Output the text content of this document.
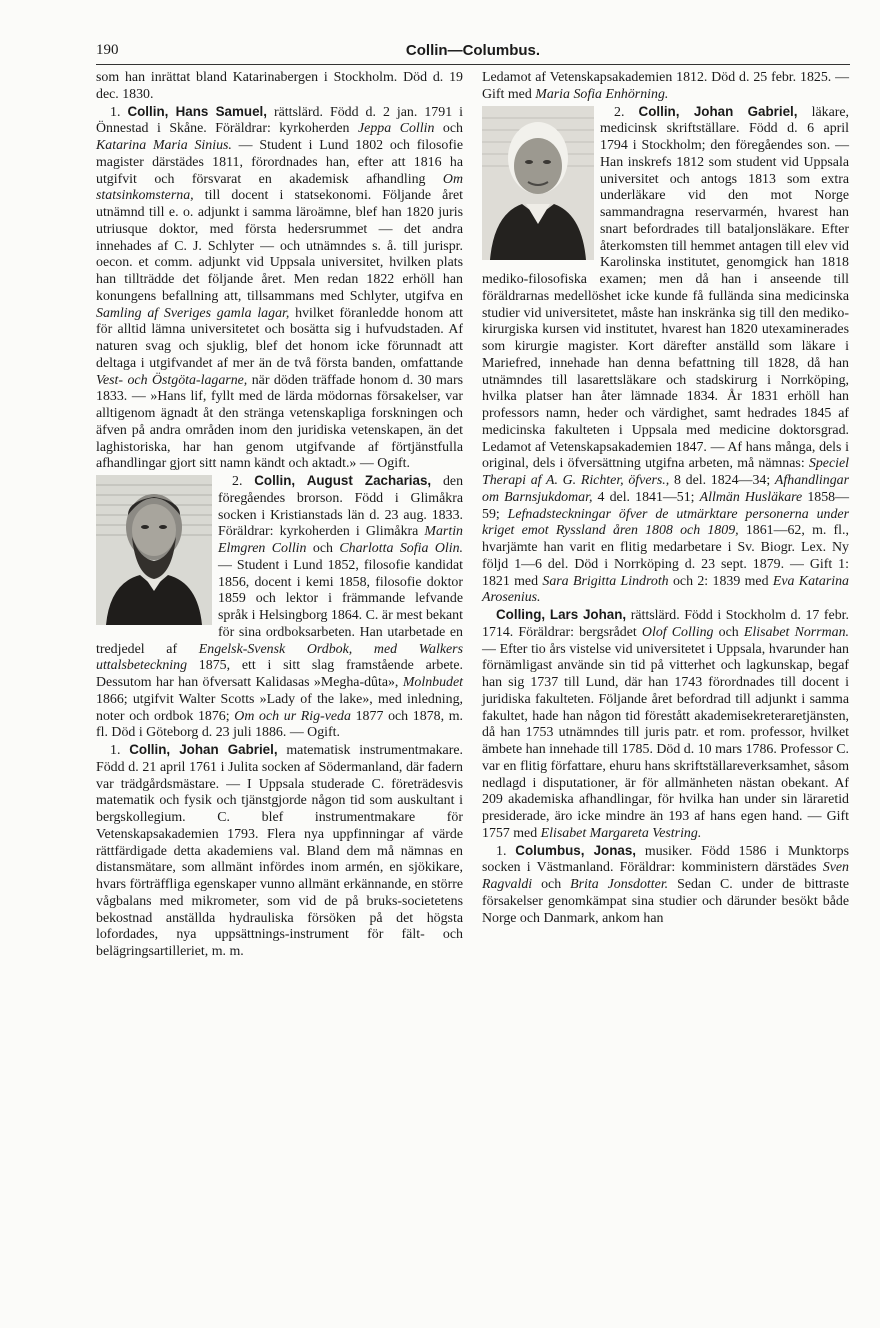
190	Collin—Columbus.

som han inrättat bland Katarinabergen i Stockholm. Död d. 19 dec. 1830.

1. Collin, Hans Samuel, rättslärd. Född d. 2 jan. 1791 i Önnestad i Skåne. Föräldrar: kyrkoherden Jeppa Collin och Katarina Maria Sinius. — Student i Lund 1802 och filosofie magister därstädes 1811, förordnades han, efter att 1816 ha utgifvit och försvarat en akademisk afhandling Om statsinkomsterna, till docent i statsekonomi. Följande året utnämnd till e. o. adjunkt i samma läroämne, blef han 1820 juris utriusque doktor, med första hedersrummet — det andra innehades af C. J. Schlyter — och utnämndes s. å. till jurispr. oecon. et comm. adjunkt vid Uppsala universitet, hvilken plats han tillträdde det följande året. Men redan 1822 erhöll han konungens befallning att, tillsammans med Schlyter, utgifva en Samling af Sveriges gamla lagar, hvilket föranledde honom att för alltid lämna universitetet och bosätta sig i hufvudstaden. Af naturen svag och sjuklig, blef det honom icke förunnadt att deltaga i utgifvandet af mer än de två första banden, omfattande Vest- och Östgöta-lagarne, när döden träffade honom d. 30 mars 1833. — »Hans lif, fyllt med de lärda mödornas försakelser, var alltigenom ägnadt åt den stränga vetenskapliga forskningen och äfven på andra områden inom den juridiska vetenskapen, än det laghistoriska, har han genom utgifvande af förtjänstfulla afhandlingar gjort sitt namn kändt och aktadt.» — Ogift.

2. Collin, August Zacharias,
den föregåendes brorson. Född i Glimåkra socken i Kristianstads län d. 23 aug. 1833. Föräldrar: kyrkoherden i Glimåkra Martin Elmgren Collin och Charlotta Sofia Olin. — Student i Lund 1852, filosofie kandidat 1856, docent i kemi 1858, filosofie doktor 1859 och lektor i främmande lefvande språk i Helsingborg 1864. C. är mest bekant för sina ordboksarbeten. Han utarbetade en tredjedel af Engelsk-Svensk Ordbok, med Walkers uttalsbeteckning 1875, ett i sitt slag framstående arbete. Dessutom har han öfversatt Kalidasas »Megha-dûta», Molnbudet 1866; utgifvit Walter Scotts »Lady of the lake», med inledning, noter och ordbok 1876; Om och ur Rig-veda 1877 och 1878, m. fl. Död i Göteborg d. 23 juli 1886. — Ogift.

1. Collin, Johan Gabriel, matematisk instrumentmakare. Född d. 21 april 1761 i Julita socken af Södermanland, där fadern var trädgårdsmästare. — I Uppsala studerade C. företrädesvis matematik och fysik och tjänstgjorde någon tid som auskultant i bergskollegium. C. blef instrumentmakare för Vetenskapsakademien 1793. Flera nya uppfinningar af värde rättfärdigade detta akademiens val. Bland dem må nämnas en distansmätare, som allmänt infördes inom armén, en sjökikare, hvars förträffliga egenskaper vunno allmänt erkännande, en större vågbalans med mikrometer, som vid de på bruks-societetens bekostnad anställda hydrauliska försöken på det högsta lofordades, nya uppsättnings-instrument för fält- och belägringsartilleriet, m. m.

Ledamot af Vetenskapsakademien 1812. Död d. 25 febr. 1825. — Gift med Maria Sofia Enhörning.

2. Collin, Johan Gabriel,
läkare, medicinsk skriftställare. Född d. 6 april 1794 i Stockholm; den föregåendes son. — Han inskrefs 1812 som student vid Uppsala universitet och antogs 1813 som extra underläkare vid den mot Norge sammandragna reservarmén, hvarest han snart befordrades till bataljonsläkare. Efter återkomsten till hemmet antagen till elev vid Karolinska institutet, genomgick han 1818 mediko-filosofiska examen; men då han i anseende till föräldrarnas medellöshet icke kunde få fullända sina medicinska studier vid universitetet, måste han inskränka sig till den mediko-kirurgiska kursen vid institutet, hvarest han 1820 utexaminerades som kirurgie magister. Kort därefter anställd som läkare i Mariefred, innehade han denna befattning till 1828, då han utnämndes till lasarettsläkare och stadskirurg i Norrköping, hvilka platser han åter lämnade 1834. År 1831 erhöll han professors namn, heder och värdighet, samt hedrades 1845 af medicinska fakulteten i Uppsala med medicine doktorsgrad. Ledamot af Vetenskapsakademien 1847. — Af hans många, dels i original, dels i öfversättning utgifna arbeten, må nämnas: Speciel Therapi af A. G. Richter, öfvers., 8 del. 1824—34; Afhandlingar om Barnsjukdomar, 4 del. 1841—51; Allmän Husläkare 1858—59; Lefnadsteckningar öfver de utmärktare personerna under kriget emot Ryssland åren 1808 och 1809, 1861—62, m. fl., hvarjämte han varit en flitig medarbetare i Sv. Biogr. Lex. Ny följd 1—6 del. Död i Norrköping d. 23 sept. 1879. — Gift 1: 1821 med Sara Brigitta Lindroth och 2: 1839 med Eva Katarina Arosenius.

Colling, Lars Johan, rättslärd. Född i Stockholm d. 17 febr. 1714. Föräldrar: bergsrådet Olof Colling och Elisabet Norrman. — Efter tio års vistelse vid universitetet i Uppsala, hvarunder han förnämligast använde sin tid på vitterhet och lagkunskap, begaf han sig 1737 till Lund, där han 1743 förordnades till docent i juridiska fakulteten. Följande året befordrad till adjunkt i samma fakultet, hade han någon tid förestått akademisekreteraretjänsten, då han 1753 utnämndes till juris patr. et rom. professor, hvilket ämbete han innehade till 1785. Död d. 10 mars 1786. Professor C. var en flitig författare, ehuru hans skriftställareverksamhet, såsom nedlagd i disputationer, är för allmänheten nästan obekant. Af 209 akademiska afhandlingar, för hvilka han under sin läraretid presiderade, äro icke mindre än 193 af hans egen hand. — Gift 1757 med Elisabet Margareta Vestring.

1. Columbus, Jonas, musiker. Född 1586 i Munktorps socken i Västmanland. Föräldrar: komministern därstädes Sven Ragvaldi och Brita Jonsdotter. Sedan C. under de bittraste försakelser genomkämpat sina studier och därunder besökt både Norge och Danmark, ankom han
